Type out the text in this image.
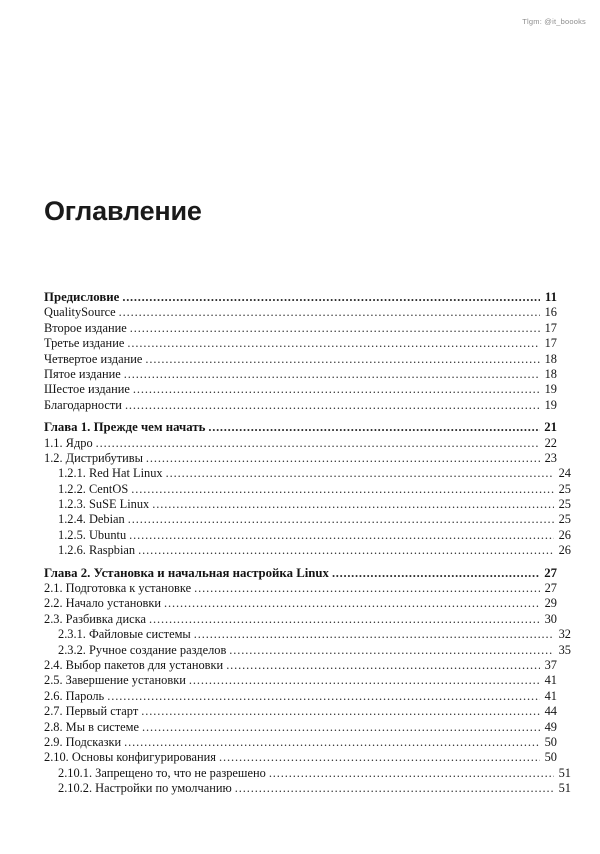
Tlgm: @it_boooks
Оглавление
Предисловие .....	11
QualitySource .....	16
Второе издание .....	17
Третье издание .....	17
Четвертое издание .....	18
Пятое издание .....	18
Шестое издание .....	19
Благодарности .....	19
Глава 1. Прежде чем начать .....	21
1.1. Ядро .....	22
1.2. Дистрибутивы .....	23
1.2.1. Red Hat Linux .....	24
1.2.2. CentOS .....	25
1.2.3. SuSE Linux .....	25
1.2.4. Debian .....	25
1.2.5. Ubuntu .....	26
1.2.6. Raspbian .....	26
Глава 2. Установка и начальная настройка Linux .....	27
2.1. Подготовка к установке .....	27
2.2. Начало установки .....	29
2.3. Разбивка диска .....	30
2.3.1. Файловые системы .....	32
2.3.2. Ручное создание разделов .....	35
2.4. Выбор пакетов для установки .....	37
2.5. Завершение установки .....	41
2.6. Пароль .....	41
2.7. Первый старт .....	44
2.8. Мы в системе .....	49
2.9. Подсказки .....	50
2.10. Основы конфигурирования .....	50
2.10.1. Запрещено то, что не разрешено .....	51
2.10.2. Настройки по умолчанию .....	51
